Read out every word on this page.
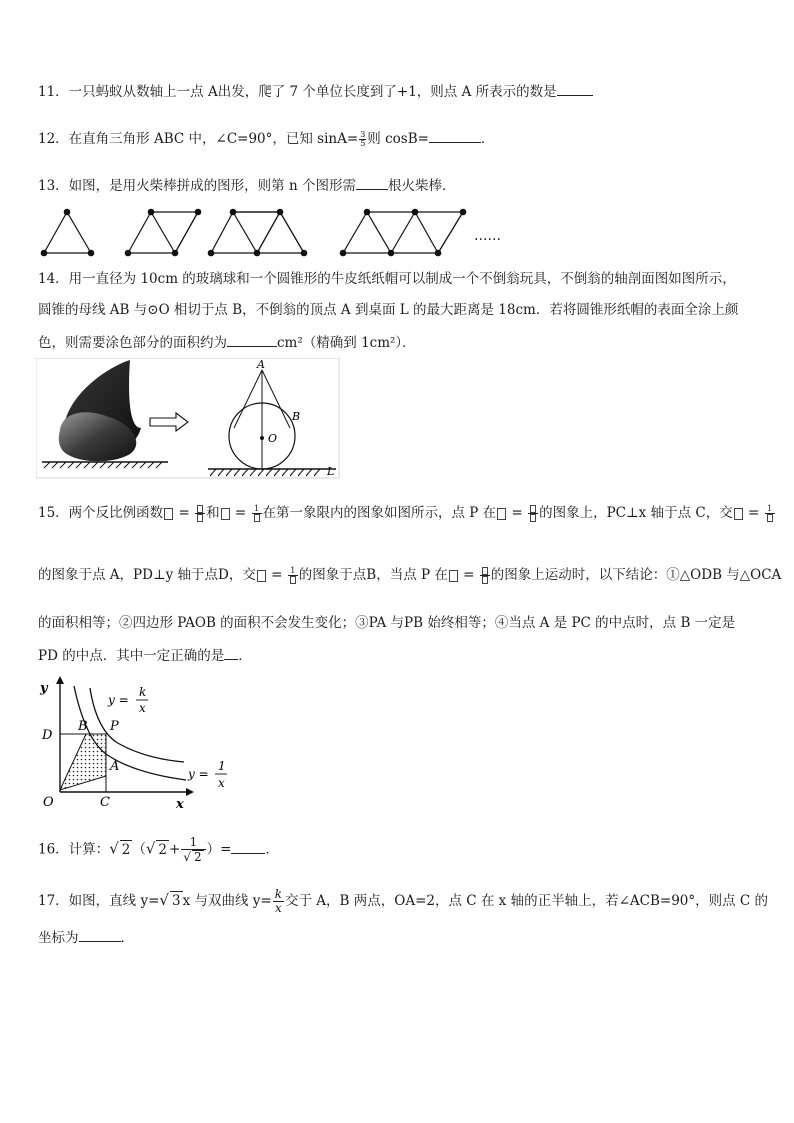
11．一只蚂蚁从数轴上一点 A出发，爬了 7 个单位长度到了+1，则点 A 所表示的数是
12．在直角三角形 ABC 中，∠C=90°，已知 $\sin A= \frac{3}{5}$ 则 cosB=	．
13．如图，是用火柴棒拼成的图形，则第 n 个图形需 根火柴棒．
……
14．用一直径为 10cm 的玻璃球和一个圆锥形的牛皮纸纸帽可以制成一个不倒翁玩具，不倒翁的轴剖面图如图所示，
圆锥的母线 AB 与⊙O 相切于点 B，不倒翁的顶点 A 到桌面 L 的最大距离是 18cm．若将圆锥形纸帽的表面全涂上颜
色，则需要涂色部分的面积约为	cm²（精确到 1cm²）．
A
B
O
L
15．两个反比例函数 =
和 = 1 在第一象限内的图象如图所示，点 P 在 =
的图象上，PC⊥x 轴于点 C，交 = 1
的图象于点 A，PD⊥y 轴于点D，交 = 1 的图象于点B，当点 P 在 =
的图象上运动时，以下结论：①△ODB 与△OCA
的面积相等；②四边形 PAOB 的面积不会发生变化；③PA 与PB 始终相等；④当点 A 是 PC 的中点时，点 B 一定是
PD 的中点．其中一定正确的是 ．
y
x
O
D
B P
A
C
y =
k
x
y =
1
x
16．计算：√ 2 （√ $2 + \frac{1}{√ 2}$ ）=	．
17．如图，直线 y=√ 3 x 与双曲线 $y= \frac{k}{x}$ 交于 A，B 两点，OA=2，点 C 在 x 轴的正半轴上，若∠ACB=90°，则点 C 的
坐标为	．
